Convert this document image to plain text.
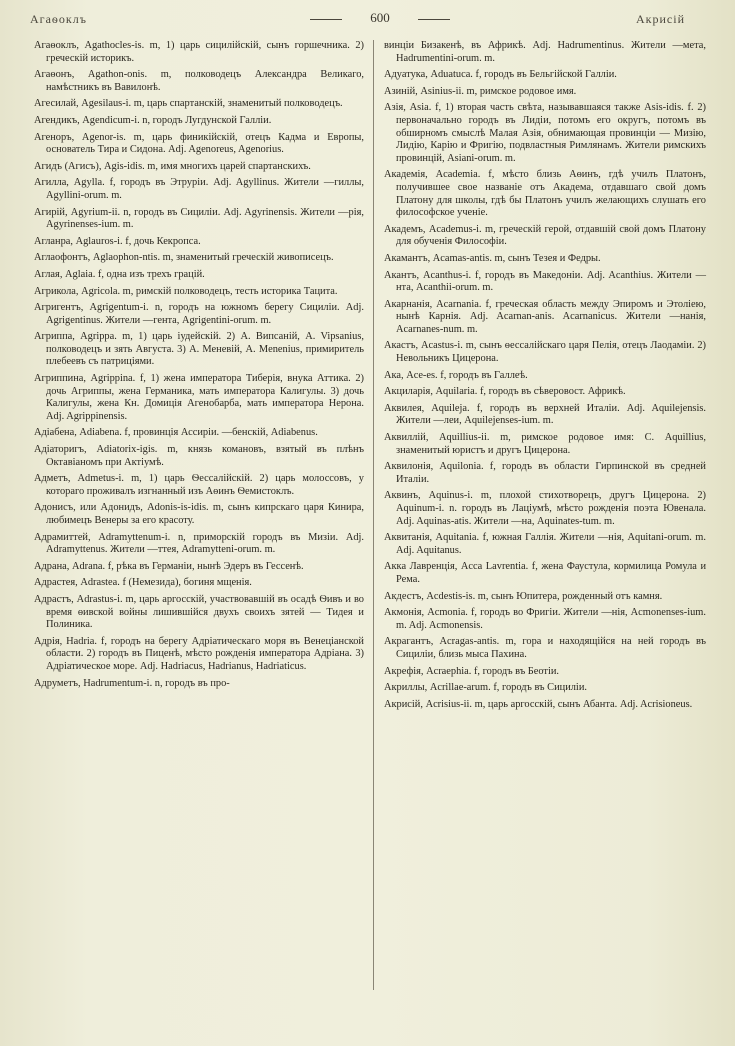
Агаѳоклъ	600	Акрисій
Агаѳоклъ, Agathocles-is. m, 1) царь сицилійскій, сынъ горшечника. 2) греческій историкъ.
Агаѳонъ, Agathon-onis. m, полководецъ Александра Великаго, намѣстникъ въ Вавилонѣ.
Агесилай, Agesilaus-i. m, царь спартанскій, знаменитый полководецъ.
Агендикъ, Agendicum-i. n, городъ Лугдунской Галліи.
Агеноръ, Agenor-is. m, царь финикійскій, отецъ Кадма и Европы, основатель Тира и Сидона. Adj. Agenoreus, Agenorius.
Агидъ (Агисъ), Agis-idis. m, имя многихъ царей спартанскихъ.
Агилла, Agylla. f, городъ въ Этруріи. Adj. Agyllinus. Жители —гиллы, Agyllini-orum. m.
Агирій, Agyrium-ii. n, городъ въ Сициліи. Adj. Agyrinensis. Жители —рія, Agyrinenses-ium. m.
Агланра, Aglauros-i. f, дочь Кекропса.
Аглаофонтъ, Aglaophon-ntis. m, знаменитый греческій живописецъ.
Аглая, Aglaia. f, одна изъ трехъ грацій.
Агрикола, Agricola. m, римскій полководецъ, тесть историка Тацита.
Агригентъ, Agrigentum-i. n, городъ на южномъ берегу Сициліи. Adj. Agrigentinus. Жители —гента, Agrigentini-orum. m.
Агриппа, Agrippa. m, 1) царь іудейскій. 2) А. Випсаній, A. Vipsanius, полководецъ и зять Августа. 3) А. Меневій, A. Menenius, примиритель плебеевъ съ патриціями.
Агриппина, Agrippina. f, 1) жена императора Тиберія, внука Аттика. 2) дочь Агриппы, жена Германика, мать императора Калигулы. 3) дочь Калигулы, жена Кн. Домиція Агенобарба, мать императора Нерона. Adj. Agrippinensis.
Адіабена, Adiabena. f, провинція Ассиріи. —бенскій, Adiabenus.
Адіаторигъ, Adiatorix-igis. m, князь комановъ, взятый въ плѣнъ Октавіаномъ при Актіумѣ.
Адметъ, Admetus-i. m, 1) царь Ѳессалійскій. 2) царь молоссовъ, у котораго проживалъ изгнанный изъ Аѳинъ Ѳемистоклъ.
Адонисъ, или Адонидъ, Adonis-is-idis. m, сынъ кипрскаго царя Кинира, любимецъ Венеры за его красоту.
Адрамиттей, Adramyttenum-i. n, приморскій городъ въ Мизіи. Adj. Adramyttenus. Жители —ттея, Adramytteni-orum. m.
Адрана, Adrana. f, рѣка въ Германіи, нынѣ Эдеръ въ Гессенѣ.
Адрастея, Adrastea. f (Немезида), богиня мщенія.
Адрастъ, Adrastus-i. m, царь аргосскій, участвовавшій въ осадѣ Ѳивъ и во время ѳивской войны лишившійся двухъ своихъ зятей — Тидея и Полиника.
Адрія, Hadria. f, городъ на берегу Адріатическаго моря въ Венеціанской области. 2) городъ въ Пиценѣ, мѣсто рожденія императора Адріана. 3) Адріатическое море. Adj. Hadriacus, Hadrianus, Hadriaticus.
Адруметъ, Hadrumentum-i. n, городъ въ про-
винціи Бизакенѣ, въ Африкѣ. Adj. Hadrumentinus. Жители —мета, Hadrumentini-orum. m.
Адуатука, Aduatuca. f, городъ въ Бельгійской Галліи.
Азиній, Asinius-ii. m, римское родовое имя.
Азія, Asia. f, 1) вторая часть свѣта, называвшаяся также Asis-idis. f. 2) первоначально городъ въ Лидіи, потомъ его округъ, потомъ въ обширномъ смыслѣ Малая Азія, обнимающая провинціи — Мизію, Лидію, Карію и Фригію, подвластныя Римлянамъ. Жители римскихъ провинцій, Asiani-orum. m.
Академія, Academia. f, мѣсто близь Аѳинъ, гдѣ училъ Платонъ, получившее свое названіе отъ Академа, отдавшаго свой домъ Платону для школы, гдѣ бы Платонъ училъ желающихъ слушать его философское ученіе.
Академъ, Academus-i. m, греческій герой, отдавшій свой домъ Платону для обученія Философіи.
Акамантъ, Acamas-antis. m, сынъ Тезея и Федры.
Акантъ, Acanthus-i. f, городъ въ Македоніи. Adj. Acanthius. Жители —нта, Acanthii-orum. m.
Акарнанія, Acarnania. f, греческая область между Эпиромъ и Этоліею, нынѣ Карнія. Adj. Acarnan-anis. Acarnanicus. Жители —нанія, Acarnanes-num. m.
Акастъ, Acastus-i. m, сынъ ѳессалійскаго царя Пелія, отецъ Лаодаміи. 2) Невольникъ Цицерона.
Ака, Ace-es. f, городъ въ Галлеѣ.
Акциларія, Aquilaria. f, городъ въ сѣверовост. Африкѣ.
Аквилея, Aquileja. f, городъ въ верхней Италіи. Adj. Aquilejensis. Жители —леи, Aquilejenses-ium. m.
Аквиллій, Aquillius-ii. m, римское родовое имя: С. Aquillius, знаменитый юристъ и другъ Цицерона.
Аквилонія, Aquilonia. f, городъ въ области Гирпинской въ средней Италіи.
Аквинъ, Aquinus-i. m, плохой стихотворецъ, другъ Цицерона. 2) Aquinum-i. n. городъ въ Лаціумѣ, мѣсто рожденія поэта Ювенала. Adj. Aquinas-atis. Жители —на, Aquinates-tum. m.
Аквитанія, Aquitania. f, южная Галлія. Жители —нія, Aquitani-orum. m. Adj. Aquitanus.
Акка Лавренція, Acca Lavrentia. f, жена Фаустула, кормилица Ромула и Рема.
Акдестъ, Acdestis-is. m, сынъ Юпитера, рожденный отъ камня.
Акмонія, Acmonia. f, городъ во Фригіи. Жители —нія, Acmonenses-ium. m. Adj. Acmonensis.
Акрагантъ, Acragas-antis. m, гора и находящійся на ней городъ въ Сициліи, близь мыса Пахина.
Акрефія, Acraephia. f, городъ въ Беотіи.
Акриллы, Acrillae-arum. f, городъ въ Сициліи.
Акрисій, Acrisius-ii. m, царь аргосскій, сынъ Абанта. Adj. Acrisioneus.
